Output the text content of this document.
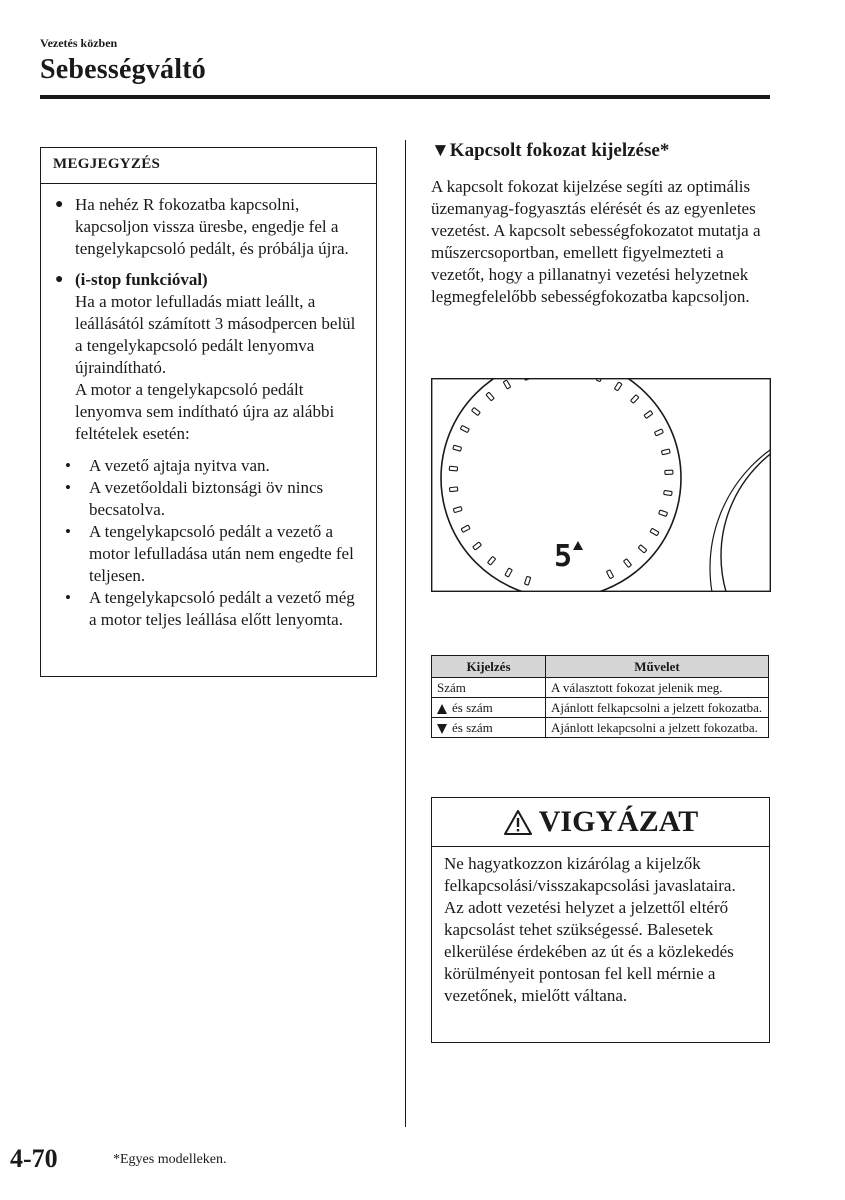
Vezetés közben
Sebességváltó
MEGJEGYZÉS
● Ha nehéz R fokozatba kapcsolni, kapcsoljon vissza üresbe, engedje fel a tengelykapcsoló pedált, és próbálja újra.
● (i-stop funkcióval)

Ha a motor lefulladás miatt leállt, a leállásától számított 3 másodpercen belül a tengelykapcsoló pedált lenyomva újraindítható.

A motor a tengelykapcsoló pedált lenyomva sem indítható újra az alábbi feltételek esetén:

•	A vezető ajtaja nyitva van.
•	A vezetőoldali biztonsági öv nincs becsatolva.
•	A tengelykapcsoló pedált a vezető a motor lefulladása után nem engedte fel teljesen.
•	A tengelykapcsoló pedált a vezető még a motor teljes leállása előtt lenyomta.
▼Kapcsolt fokozat kijelzése*
A kapcsolt fokozat kijelzése segíti az optimális üzemanyag-fogyasztás elérését és az egyenletes vezetést. A kapcsolt sebességfokozatot mutatja a műszercsoportban, emellett figyelmezteti a vezetőt, hogy a pillanatnyi vezetési helyzetnek legmegfelelőbb sebességfokozatba kapcsoljon.
5
Kijelzés	Művelet
Szám	A választott fokozat jelenik meg.
és szám	Ajánlott felkapcsolni a jelzett fokozatba.
és szám	Ajánlott lekapcsolni a jelzett fokozatba.
VIGYÁZAT
Ne hagyatkozzon kizárólag a kijelzők felkapcsolási/visszakapcsolási javaslataira. Az adott vezetési helyzet a jelzettől eltérő kapcsolást tehet szükségessé. Balesetek elkerülése érdekében az út és a közlekedés körülményeit pontosan fel kell mérnie a vezetőnek, mielőtt váltana.
4-70	*Egyes modelleken.
